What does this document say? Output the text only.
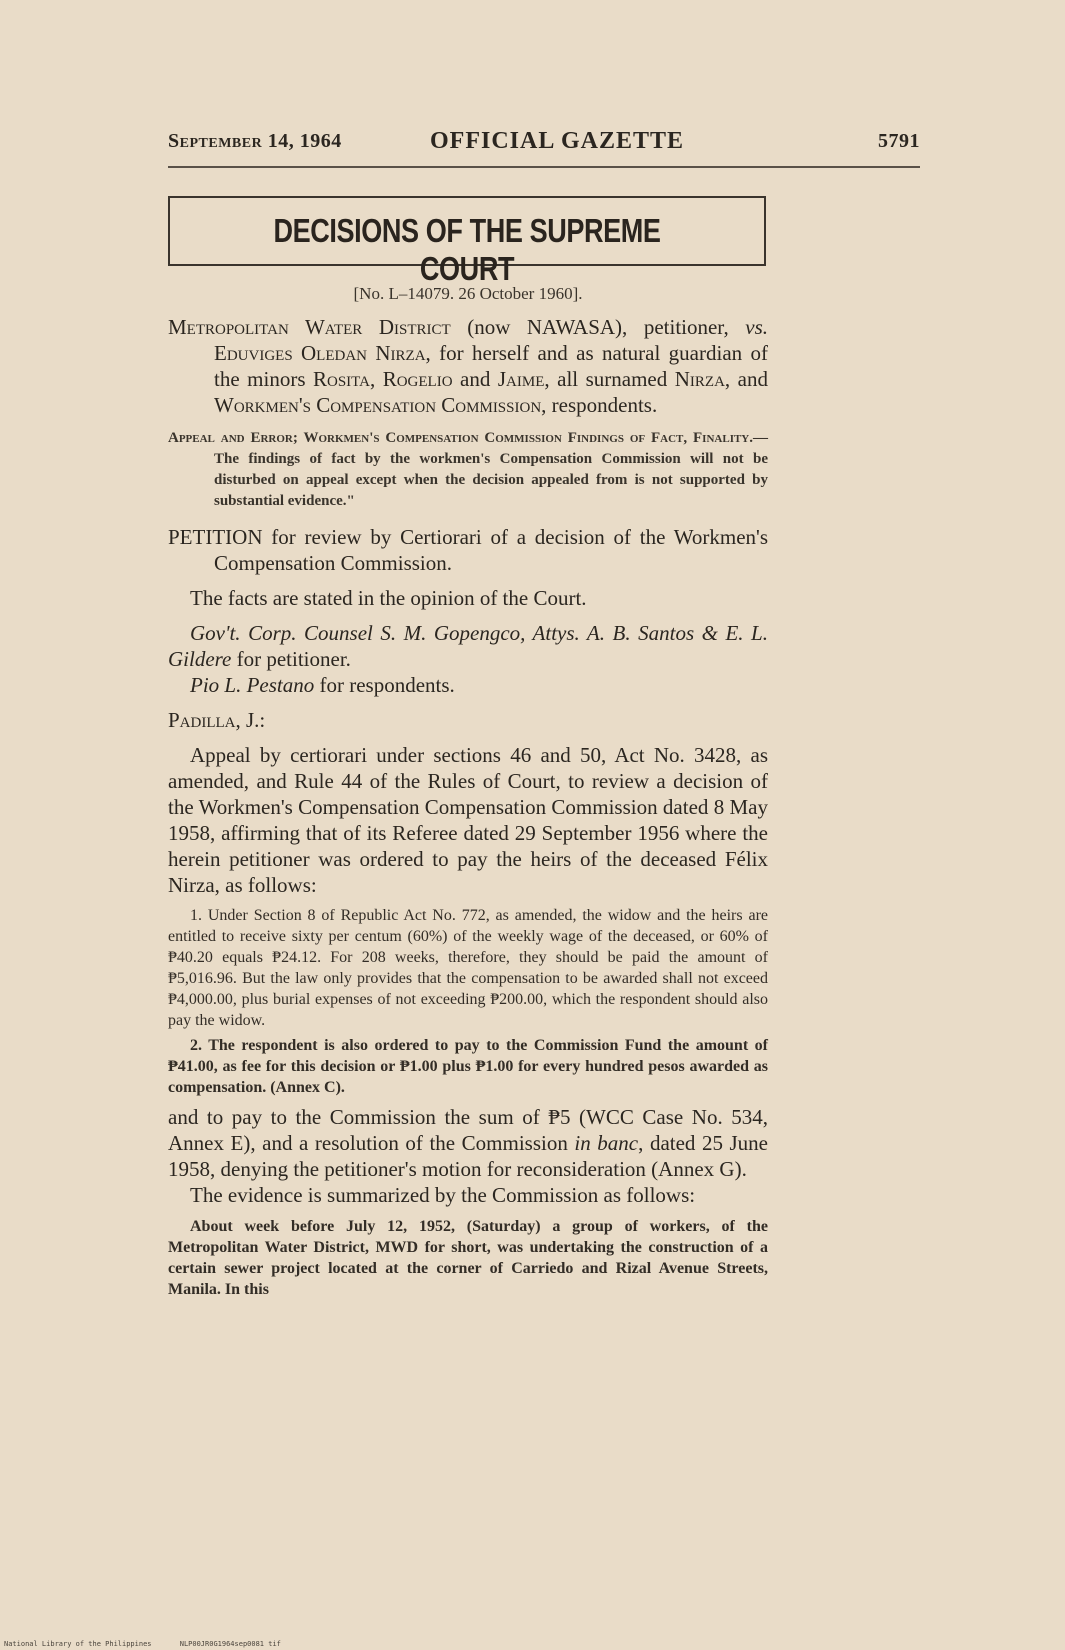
September 14, 1964	OFFICIAL GAZETTE	5791
DECISIONS OF THE SUPREME COURT
[No. L–14079. 26 October 1960].

Metropolitan Water District (now NAWASA), petitioner, vs. Eduviges Oledan Nirza, for herself and as natural guardian of the minors Rosita, Rogelio and Jaime, all surnamed Nirza, and Workmen's Compensation Commission, respondents.

Appeal and Error; Workmen's Compensation Commission Findings of Fact, Finality.— The findings of fact by the workmen's Compensation Commission will not be disturbed on appeal except when the decision appealed from is not supported by substantial evidence."

PETITION for review by Certiorari of a decision of the Workmen's Compensation Commission.

The facts are stated in the opinion of the Court.

Gov't. Corp. Counsel S. M. Gopengco, Attys. A. B. Santos & E. L. Gildere for petitioner.

Pio L. Pestano for respondents.

Padilla, J.:

Appeal by certiorari under sections 46 and 50, Act No. 3428, as amended, and Rule 44 of the Rules of Court, to review a decision of the Workmen's Compensation Compensation Commission dated 8 May 1958, affirming that of its Referee dated 29 September 1956 where the herein petitioner was ordered to pay the heirs of the deceased Félix Nirza, as follows:

1. Under Section 8 of Republic Act No. 772, as amended, the widow and the heirs are entitled to receive sixty per centum (60%) of the weekly wage of the deceased, or 60% of ₱40.20 equals ₱24.12. For 208 weeks, therefore, they should be paid the amount of ₱5,016.96. But the law only provides that the compensation to be awarded shall not exceed ₱4,000.00, plus burial expenses of not exceeding ₱200.00, which the respondent should also pay the widow.

2. The respondent is also ordered to pay to the Commission Fund the amount of ₱41.00, as fee for this decision or ₱1.00 plus ₱1.00 for every hundred pesos awarded as compensation. (Annex C).

and to pay to the Commission the sum of ₱5 (WCC Case No. 534, Annex E), and a resolution of the Commission in banc, dated 25 June 1958, denying the petitioner's motion for reconsideration (Annex G).

The evidence is summarized by the Commission as follows:

About week before July 12, 1952, (Saturday) a group of workers, of the Metropolitan Water District, MWD for short, was undertaking the construction of a certain sewer project located at the corner of Carriedo and Rizal Avenue Streets, Manila. In this

National Library of the Philippines	NLP00JR0G1964sep0081 tif
